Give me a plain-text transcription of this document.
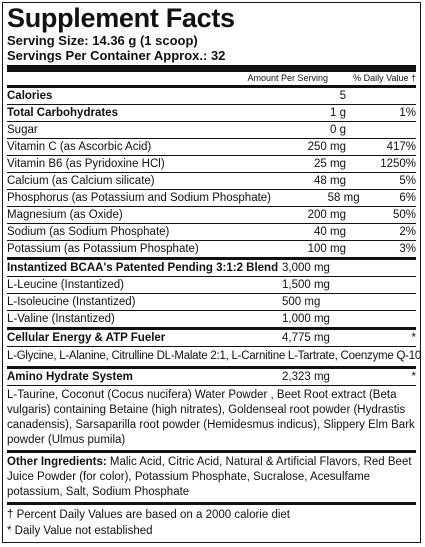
Supplement Facts
Serving Size: 14.36 g (1 scoop)
Servings Per Container Approx.: 32
Amount Per Serving	% Daily Value †
Calories	5
Total Carbohydrates	1 g	1%
Sugar	0 g
Vitamin C (as Ascorbic Acid)	250 mg	417%
Vitamin B6 (as Pyridoxine HCl)	25 mg	1250%
Calcium (as Calcium silicate)	48 mg	5%
Phosphorus (as Potassium and Sodium Phosphate)	58 mg	6%
Magnesium (as Oxide)	200 mg	50%
Sodium (as Sodium Phosphate)	40 mg	2%
Potassium (as Potassium Phosphate)	100 mg	3%
Instantized BCAA's Patented Pending 3:1:2 Blend 3,000 mg
L-Leucine (Instantized)	1,500 mg
L-Isoleucine (Instantized)	500 mg
L-Valine (Instantized)	1,000 mg
Cellular Energy & ATP Fueler	4,775 mg	*
L-Glycine, L-Alanine, Citrulline DL-Malate 2:1, L-Carnitine L-Tartrate, Coenzyme Q-10
Amino Hydrate System	2,323 mg	*
L-Taurine, Coconut (Cocus nucifera) Water Powder , Beet Root extract (Beta vulgaris) containing Betaine (high nitrates), Goldenseal root powder (Hydrastis canadensis), Sarsaparilla root powder (Hemidesmus indicus), Slippery Elm Bark powder (Ulmus pumila)
Other Ingredients: Malic Acid, Citric Acid, Natural & Artificial Flavors, Red Beet Juice Powder (for color), Potassium Phosphate, Sucralose, Acesulfame potassium, Salt, Sodium Phosphate
† Percent Daily Values are based on a 2000 calorie diet
* Daily Value not established
